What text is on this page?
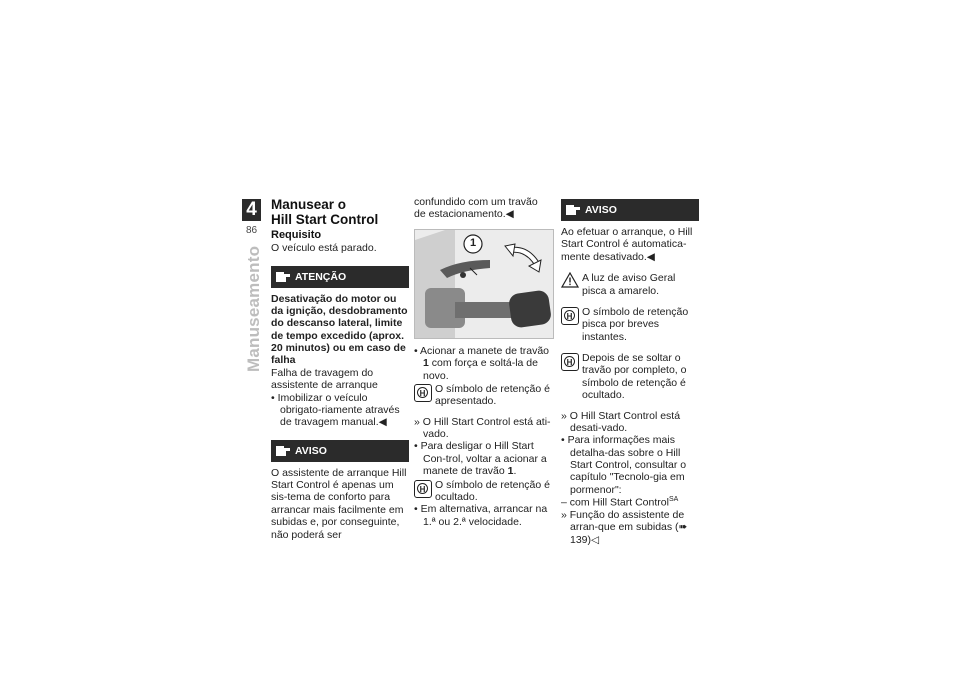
4
86
Manuseamento
Manusear o
Hill Start Control
Requisito

O veículo está parado.

ATENÇÃO

Desativação do motor ou da ignição, desdobramento do descanso lateral, limite de tempo excedido (aprox. 20 minutos) ou em caso de falha

Falha de travagem do assistente de arranque

• Imobilizar o veículo obrigato-riamente através de travagem manual.◀

AVISO

O assistente de arranque Hill Start Control é apenas um sis-tema de conforto para arrancar mais facilmente em subidas e, por conseguinte, não poderá ser

confundido com um travão de estacionamento.◀

1

• Acionar a manete de travão 1 com força e soltá-la de novo.

H O símbolo de retenção é apresentado.

» O Hill Start Control está ati-vado.

• Para desligar o Hill Start Con-trol, voltar a acionar a manete de travão 1.

H O símbolo de retenção é ocultado.

• Em alternativa, arrancar na 1.ª ou 2.ª velocidade.

AVISO

Ao efetuar o arranque, o Hill Start Control é automatica-mente desativado.◀

A luz de aviso Geral pisca a amarelo.

H O símbolo de retenção pisca por breves instantes.

H Depois de se soltar o travão por completo, o símbolo de retenção é ocultado.

» O Hill Start Control está desati-vado.

• Para informações mais detalha-das sobre o Hill Start Control, consultar o capítulo "Tecnolo-gia em pormenor":

– com Hill Start Control$^{SA}$

» Função do assistente de arran-que em subidas (➠ 139)◁
